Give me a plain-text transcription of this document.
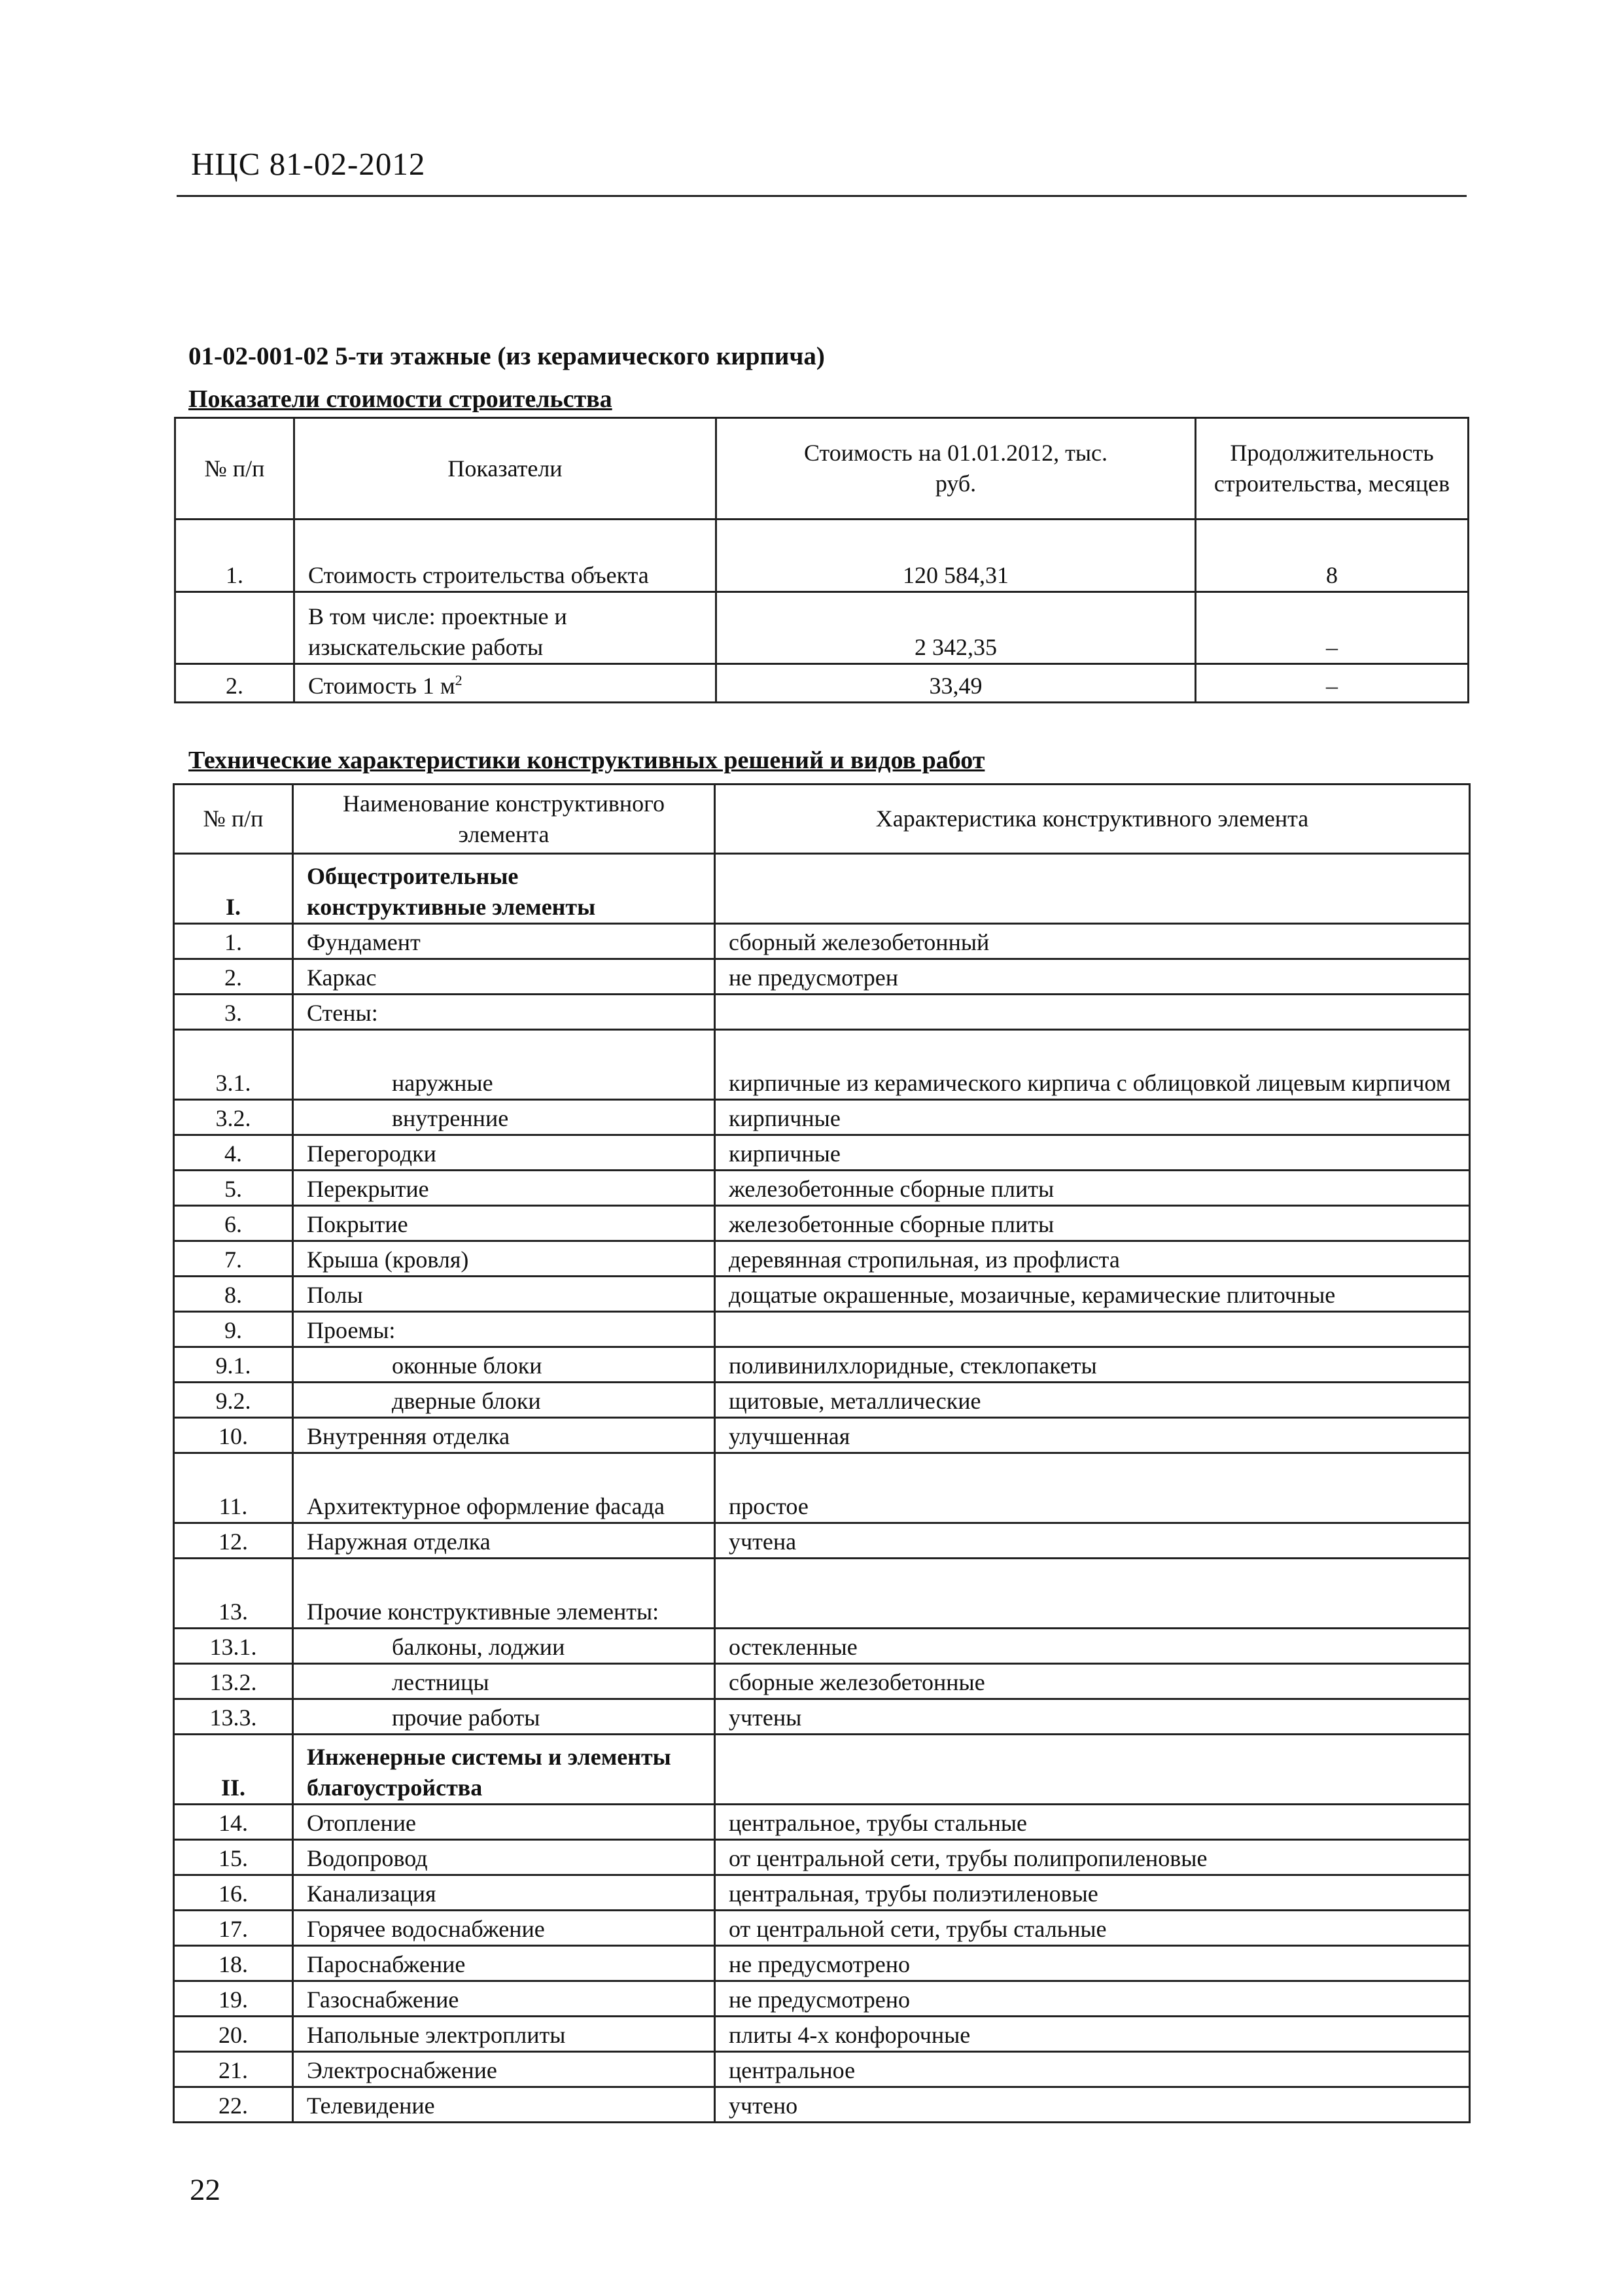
НЦС 81-02-2012
01-02-001-02 5-ти этажные (из керамического кирпича)
Показатели стоимости строительства
№ п/п	Показатели	Стоимость на 01.01.2012, тыс. руб.	Продолжительность строительства, месяцев
1.	Стоимость строительства объекта	120 584,31	8
	В том числе: проектные и изыскательские работы	2 342,35	–
2.	Стоимость 1 $м^2$	33,49	–
Технические характеристики конструктивных решений и видов работ
№ п/п	Наименование конструктивного элемента	Характеристика конструктивного элемента
I.	Общестроительные конструктивные элементы	
1.	Фундамент	сборный железобетонный
2.	Каркас	не предусмотрен
3.	Стены:	
3.1.	наружные	кирпичные из керамического кирпича с облицовкой лицевым кирпичом
3.2.	внутренние	кирпичные
4.	Перегородки	кирпичные
5.	Перекрытие	железобетонные сборные плиты
6.	Покрытие	железобетонные сборные плиты
7.	Крыша (кровля)	деревянная стропильная, из профлиста
8.	Полы	дощатые окрашенные, мозаичные, керамические плиточные
9.	Проемы:	
9.1.	оконные блоки	поливинилхлоридные, стеклопакеты
9.2.	дверные блоки	щитовые, металлические
10.	Внутренняя отделка	улучшенная
11.	Архитектурное оформление фасада	простое
12.	Наружная отделка	учтена
13.	Прочие конструктивные элементы:	
13.1.	балконы, лоджии	остекленные
13.2.	лестницы	сборные железобетонные
13.3.	прочие работы	учтены
II.	Инженерные системы и элементы благоустройства	
14.	Отопление	центральное, трубы стальные
15.	Водопровод	от центральной сети, трубы полипропиленовые
16.	Канализация	центральная, трубы полиэтиленовые
17.	Горячее водоснабжение	от центральной сети, трубы стальные
18.	Пароснабжение	не предусмотрено
19.	Газоснабжение	не предусмотрено
20.	Напольные электроплиты	плиты 4-х конфорочные
21.	Электроснабжение	центральное
22.	Телевидение	учтено
22
